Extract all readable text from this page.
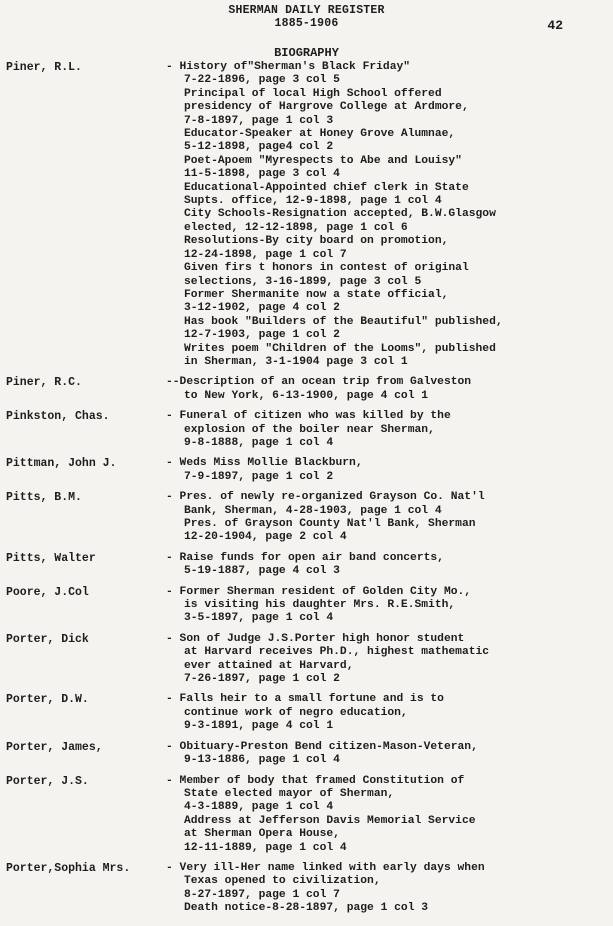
SHERMAN DAILY REGISTER
1885-1906	42
BIOGRAPHY
Piner, R.L.	- History of"Sherman's Black Friday"
7-22-1896, page 3 col 5
Principal of local High School offered
presidency of Hargrove College at Ardmore,
7-8-1897, page 1 col 3
Educator-Speaker at Honey Grove Alumnae,
5-12-1898, page4 col 2
Poet-Apoem "Myrespects to Abe and Louisy"
11-5-1898, page 3 col 4
Educational-Appointed chief clerk in State
Supts. office, 12-9-1898, page 1 col 4
City Schools-Resignation accepted, B.W.Glasgow
elected, 12-12-1898, page 1 col 6
Resolutions-By city board on promotion,
12-24-1898, page 1 col 7
Given firs t honors in contest of original
selections, 3-16-1899, page 3 col 5
Former Shermanite now a state official,
3-12-1902, page 4 col 2
Has book "Builders of the Beautiful" published,
12-7-1903, page 1 col 2
Writes poem "Children of the Looms", published
in Sherman, 3-1-1904 page 3 col 1
Piner, R.C.	--Description of an ocean trip from Galveston
to New York, 6-13-1900, page 4 col 1
Pinkston, Chas.	- Funeral of citizen who was killed by the
explosion of the boiler near Sherman,
9-8-1888, page 1 col 4
Pittman, John J.	- Weds Miss Mollie Blackburn,
7-9-1897, page 1 col 2
Pitts, B.M.	- Pres. of newly re-organized Grayson Co. Nat'l
Bank, Sherman, 4-28-1903, page 1 col 4
Pres. of Grayson County Nat'l Bank, Sherman
12-20-1904, page 2 col 4
Pitts, Walter	- Raise funds for open air band concerts,
5-19-1887, page 4 col 3
Poore, J.Col	- Former Sherman resident of Golden City Mo.,
is visiting his daughter Mrs. R.E.Smith,
3-5-1897, page 1 col 4
Porter, Dick	- Son of Judge J.S.Porter high honor student
at Harvard receives Ph.D., highest mathematic
ever attained at Harvard,
7-26-1897, page 1 col 2
Porter, D.W.	- Falls heir to a small fortune and is to
continue work of negro education,
9-3-1891, page 4 col 1
Porter, James,	- Obituary-Preston Bend citizen-Mason-Veteran,
9-13-1886, page 1 col 4
Porter, J.S.	- Member of body that framed Constitution of
State elected mayor of Sherman,
4-3-1889, page 1 col 4
Address at Jefferson Davis Memorial Service
at Sherman Opera House,
12-11-1889, page 1 col 4
Porter,Sophia Mrs.	- Very ill-Her name linked with early days when
Texas opened to civilization,
8-27-1897, page 1 col 7
Death notice-8-28-1897, page 1 col 3
